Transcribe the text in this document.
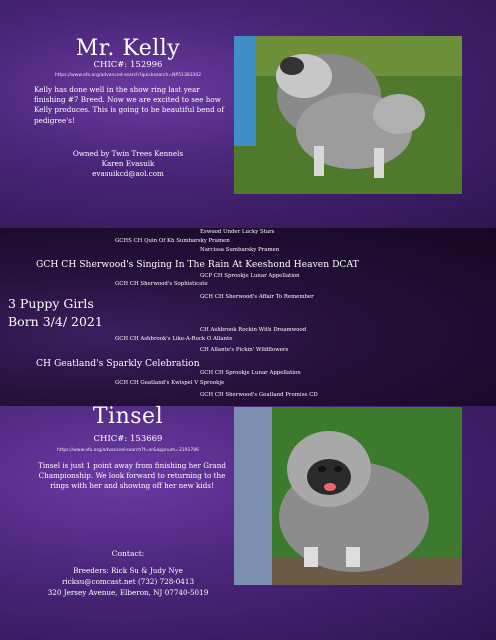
Mr. Kelly
CHIC#: 152996
https://www.ofa.org/advanced-search?quicksearch=NP51383302
Kelly has done well in the show ring last year finishing #7 Breed. Now we are excited to see how Kelly produces. This is going to be beautiful bend of pedigree's!
Owned by Twin Trees Kennels
Karen Evasuik
evasuikcd@aol.com
Eswood Under Lucky Stars
GCHS CH Quin Of Kh Sumbarsky Pramen
Narcissa Sumbarsky Pramen
GCH CH Sherwood's Singing In The Rain At Keeshond Heaven DCAT
GCP CH Sprookje Lunar Appellation
GCH CH Sherwood's Sophisticate
GCH CH Sherwood's Affair To Remember
3 Puppy Girls
Born 3/4/ 2021
CH Ashbrook Rockin With Dreamwood
GCH CH Ashbrook's Like-A-Rock O Allante
CH Allante's Pickin' Wildflowers
CH Geatland's Sparkly Celebration
GCH CH Sprookje Lunar Appellation
GCH CH Geatland's Kwispel V Sprookje
GCH CH Sherwood's Geatland Promise CD
Tinsel
CHIC#: 153669
https://www.ofa.org/advanced-search?f=sr&appnum=2191786
Tinsel is just 1 point away from finishing her Grand Championship. We look forward to returning to the rings with her and showing off her new kids!
Contact:
Breeders: Rick Su & Judy Nye
ricksu@comcast.net (732) 728-0413
320 Jersey Avenue, Elberon, NJ 07740-5019
